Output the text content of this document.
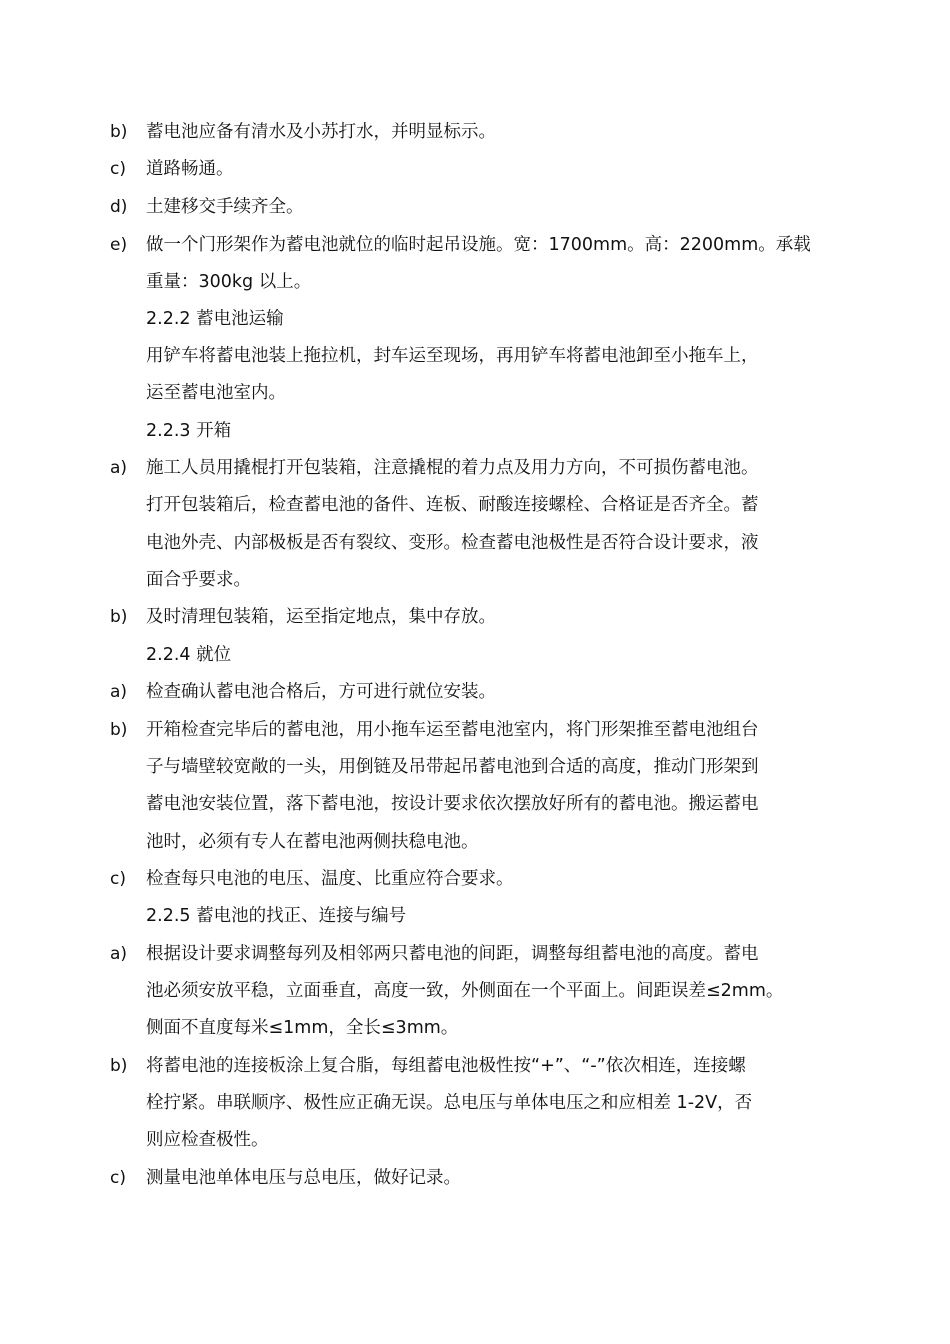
b) 蓄电池应备有清水及小苏打水，并明显标示。
c) 道路畅通。
d) 土建移交手续齐全。
e) 做一个门形架作为蓄电池就位的临时起吊设施。宽：1700mm。高：2200mm。承载
重量：300kg 以上。
2.2.2 蓄电池运输
用铲车将蓄电池装上拖拉机，封车运至现场，再用铲车将蓄电池卸至小拖车上，
运至蓄电池室内。
2.2.3 开箱
a) 施工人员用撬棍打开包装箱，注意撬棍的着力点及用力方向，不可损伤蓄电池。
打开包装箱后，检查蓄电池的备件、连板、耐酸连接螺栓、合格证是否齐全。蓄
电池外壳、内部极板是否有裂纹、变形。检查蓄电池极性是否符合设计要求，液
面合乎要求。
b) 及时清理包装箱，运至指定地点，集中存放。
2.2.4 就位
a) 检查确认蓄电池合格后，方可进行就位安装。
b) 开箱检查完毕后的蓄电池，用小拖车运至蓄电池室内，将门形架推至蓄电池组台
子与墙壁较宽敞的一头，用倒链及吊带起吊蓄电池到合适的高度，推动门形架到
蓄电池安装位置，落下蓄电池，按设计要求依次摆放好所有的蓄电池。搬运蓄电
池时，必须有专人在蓄电池两侧扶稳电池。
c) 检查每只电池的电压、温度、比重应符合要求。
2.2.5 蓄电池的找正、连接与编号
a) 根据设计要求调整每列及相邻两只蓄电池的间距，调整每组蓄电池的高度。蓄电
池必须安放平稳，立面垂直，高度一致，外侧面在一个平面上。间距误差≤2mm。
侧面不直度每米≤1mm，全长≤3mm。
b) 将蓄电池的连接板涂上复合脂，每组蓄电池极性按“+”、“-”依次相连，连接螺
栓拧紧。串联顺序、极性应正确无误。总电压与单体电压之和应相差 1-2V，否
则应检查极性。
c) 测量电池单体电压与总电压，做好记录。
